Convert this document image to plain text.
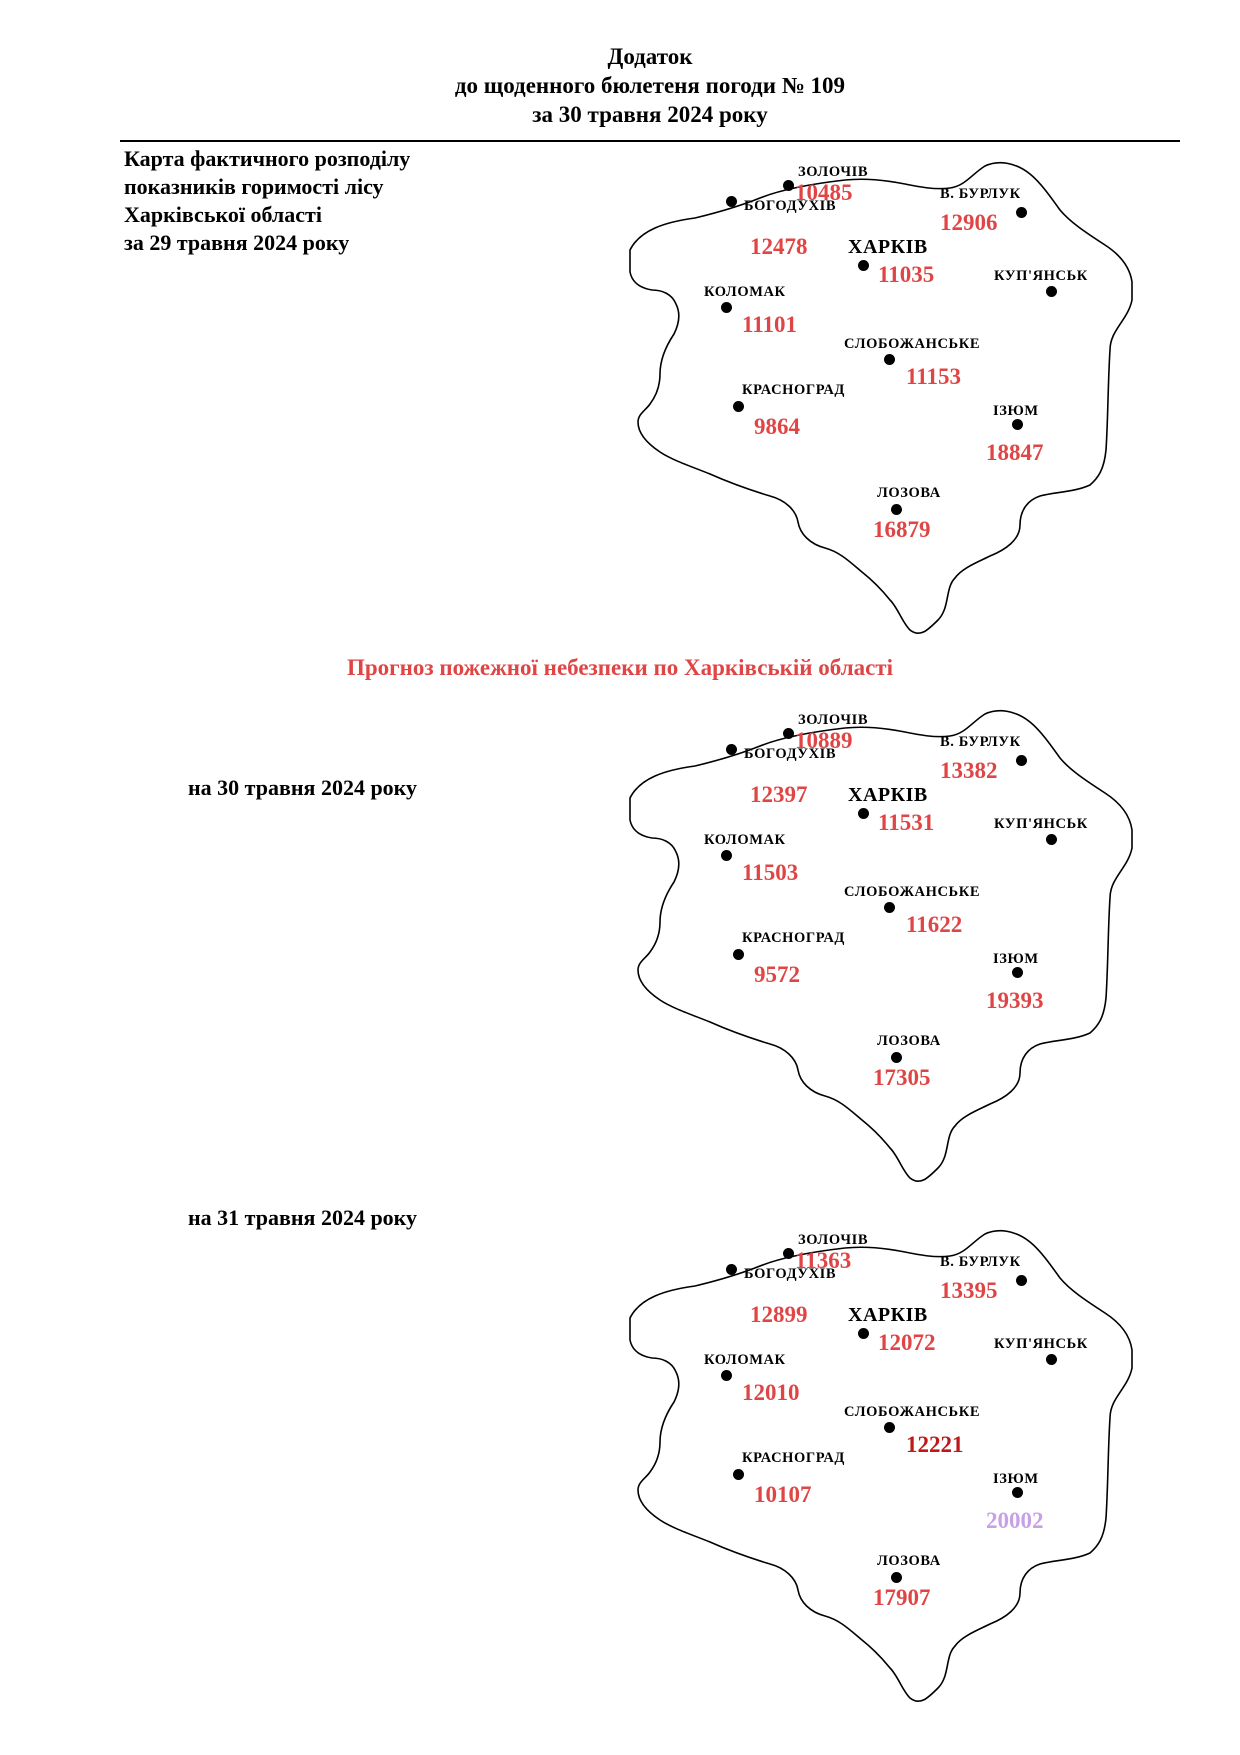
Додаток
до щоденного бюлетеня погоди № 109
за 30 травня 2024 року
Карта фактичного розподілу
показників горимості лісу
Харківської області
за 29 травня 2024 року
Прогноз пожежної небезпеки по Харківській області
на 30 травня 2024 року
на 31 травня 2024 року
ЗОЛОЧІВ
10485
БОГОДУХІВ
12478
В. БУРЛУК
12906
ХАРКІВ
11035	КУП'ЯНСЬК
КОЛОМАК
11101
СЛОБОЖАНСЬКЕ
11153
КРАСНОГРАД
9864
ІЗЮМ
18847
ЛОЗОВА
16879
ЗОЛОЧІВ
10889
БОГОДУХІВ
12397
В. БУРЛУК
13382
ХАРКІВ
11531	КУП'ЯНСЬК
КОЛОМАК
11503
СЛОБОЖАНСЬКЕ
11622
КРАСНОГРАД
9572
ІЗЮМ
19393
ЛОЗОВА
17305
ЗОЛОЧІВ
11363
БОГОДУХІВ
12899
В. БУРЛУК
13395
ХАРКІВ
12072	КУП'ЯНСЬК
КОЛОМАК
12010
СЛОБОЖАНСЬКЕ
12221
КРАСНОГРАД
10107
ІЗЮМ
20002
ЛОЗОВА
17907
